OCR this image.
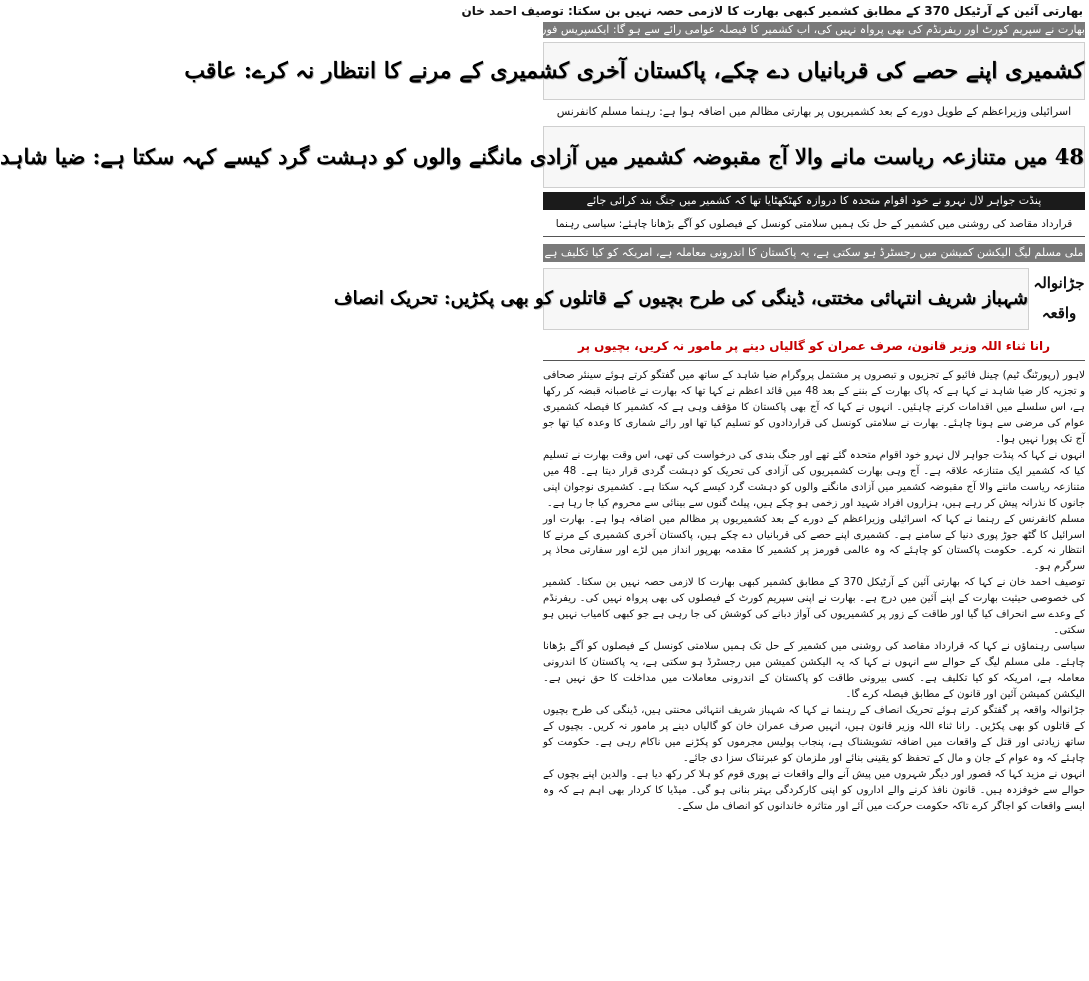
بھارتی آئین کے آرٹیکل 370 کے مطابق کشمیر کبھی بھارت کا لازمی حصہ نہیں بن سکتا: توصیف احمد خان
بھارت نے سپریم کورٹ اور ریفرنڈم کی بھی پرواہ نہیں کی، اب کشمیر کا فیصلہ عوامی رائے سے ہو گا: ایکسپریس فورم
کشمیری اپنے حصے کی قربانیاں دے چکے، پاکستان آخری کشمیری کے مرنے کا انتظار نہ کرے: عاقب
اسرائیلی وزیراعظم کے طویل دورے کے بعد کشمیریوں پر بھارتی مظالم میں اضافہ ہوا ہے: رہنما مسلم کانفرنس
48 میں متنازعہ ریاست مانے والا آج مقبوضہ کشمیر میں آزادی مانگنے والوں کو دہشت گرد کیسے کہہ سکتا ہے: ضیا شاہد
پنڈت جواہر لال نہرو نے خود اقوام متحدہ کا دروازہ کھٹکھٹایا تھا کہ کشمیر میں جنگ بند کرائی جائے
قرارداد مقاصد کی روشنی میں کشمیر کے حل تک ہمیں سلامتی کونسل کے فیصلوں کو آگے بڑھانا چاہئے: سیاسی رہنما
ملی مسلم لیگ الیکشن کمیشن میں رجسٹرڈ ہو سکتی ہے، یہ پاکستان کا اندرونی معاملہ ہے، امریکہ کو کیا تکلیف ہے
جڑانوالہ واقعہ
شہباز شریف انتہائی مختتی، ڈینگی کی طرح بچیوں کے قاتلوں کو بھی پکڑیں: تحریک انصاف
رانا ثناء اللہ وزیر قانون، صرف عمران کو گالیاں دینے پر مامور نہ کریں، بچیوں پر

لاہور (رپورٹنگ ٹیم) چینل فائیو کے تجزیوں و تبصروں پر مشتمل پروگرام ضیا شاہد کے ساتھ میں گفتگو کرتے ہوئے سینئر صحافی و تجزیہ کار ضیا شاہد نے کہا ہے کہ پاک بھارت کے بننے کے بعد 48 میں قائد اعظم نے کہا تھا کہ بھارت نے غاصبانہ قبضہ کر رکھا ہے، اس سلسلے میں اقدامات کرنے چاہئیں۔ انہوں نے کہا کہ آج بھی پاکستان کا مؤقف وہی ہے کہ کشمیر کا فیصلہ کشمیری عوام کی مرضی سے ہونا چاہئے۔ بھارت نے سلامتی کونسل کی قراردادوں کو تسلیم کیا تھا اور رائے شماری کا وعدہ کیا تھا جو آج تک پورا نہیں ہوا۔

انہوں نے کہا کہ پنڈت جواہر لال نہرو خود اقوام متحدہ گئے تھے اور جنگ بندی کی درخواست کی تھی، اس وقت بھارت نے تسلیم کیا کہ کشمیر ایک متنازعہ علاقہ ہے۔ آج وہی بھارت کشمیریوں کی آزادی کی تحریک کو دہشت گردی قرار دیتا ہے۔ 48 میں متنازعہ ریاست ماننے والا آج مقبوضہ کشمیر میں آزادی مانگنے والوں کو دہشت گرد کیسے کہہ سکتا ہے۔ کشمیری نوجوان اپنی جانوں کا نذرانہ پیش کر رہے ہیں، ہزاروں افراد شہید اور زخمی ہو چکے ہیں، پیلٹ گنوں سے بینائی سے محروم کیا جا رہا ہے۔

مسلم کانفرنس کے رہنما نے کہا کہ اسرائیلی وزیراعظم کے دورے کے بعد کشمیریوں پر مظالم میں اضافہ ہوا ہے۔ بھارت اور اسرائیل کا گٹھ جوڑ پوری دنیا کے سامنے ہے۔ کشمیری اپنے حصے کی قربانیاں دے چکے ہیں، پاکستان آخری کشمیری کے مرنے کا انتظار نہ کرے۔ حکومت پاکستان کو چاہئے کہ وہ عالمی فورمز پر کشمیر کا مقدمہ بھرپور انداز میں لڑے اور سفارتی محاذ پر سرگرم ہو۔

توصیف احمد خان نے کہا کہ بھارتی آئین کے آرٹیکل 370 کے مطابق کشمیر کبھی بھارت کا لازمی حصہ نہیں بن سکتا۔ کشمیر کی خصوصی حیثیت بھارت کے اپنے آئین میں درج ہے۔ بھارت نے اپنی سپریم کورٹ کے فیصلوں کی بھی پرواہ نہیں کی۔ ریفرنڈم کے وعدے سے انحراف کیا گیا اور طاقت کے زور پر کشمیریوں کی آواز دبانے کی کوشش کی جا رہی ہے جو کبھی کامیاب نہیں ہو سکتی۔

سیاسی رہنماؤں نے کہا کہ قرارداد مقاصد کی روشنی میں کشمیر کے حل تک ہمیں سلامتی کونسل کے فیصلوں کو آگے بڑھانا چاہئے۔ ملی مسلم لیگ کے حوالے سے انہوں نے کہا کہ یہ الیکشن کمیشن میں رجسٹرڈ ہو سکتی ہے، یہ پاکستان کا اندرونی معاملہ ہے، امریکہ کو کیا تکلیف ہے۔ کسی بیرونی طاقت کو پاکستان کے اندرونی معاملات میں مداخلت کا حق نہیں ہے۔ الیکشن کمیشن آئین اور قانون کے مطابق فیصلہ کرے گا۔

جڑانوالہ واقعہ پر گفتگو کرتے ہوئے تحریک انصاف کے رہنما نے کہا کہ شہباز شریف انتہائی محنتی ہیں، ڈینگی کی طرح بچیوں کے قاتلوں کو بھی پکڑیں۔ رانا ثناء اللہ وزیر قانون ہیں، انہیں صرف عمران خان کو گالیاں دینے پر مامور نہ کریں۔ بچیوں کے ساتھ زیادتی اور قتل کے واقعات میں اضافہ تشویشناک ہے، پنجاب پولیس مجرموں کو پکڑنے میں ناکام رہی ہے۔ حکومت کو چاہئے کہ وہ عوام کے جان و مال کے تحفظ کو یقینی بنائے اور ملزمان کو عبرتناک سزا دی جائے۔

انہوں نے مزید کہا کہ قصور اور دیگر شہروں میں پیش آنے والے واقعات نے پوری قوم کو ہلا کر رکھ دیا ہے۔ والدین اپنے بچوں کے حوالے سے خوفزدہ ہیں۔ قانون نافذ کرنے والے اداروں کو اپنی کارکردگی بہتر بنانی ہو گی۔ میڈیا کا کردار بھی اہم ہے کہ وہ ایسے واقعات کو اجاگر کرے تاکہ حکومت حرکت میں آئے اور متاثرہ خاندانوں کو انصاف مل سکے۔
